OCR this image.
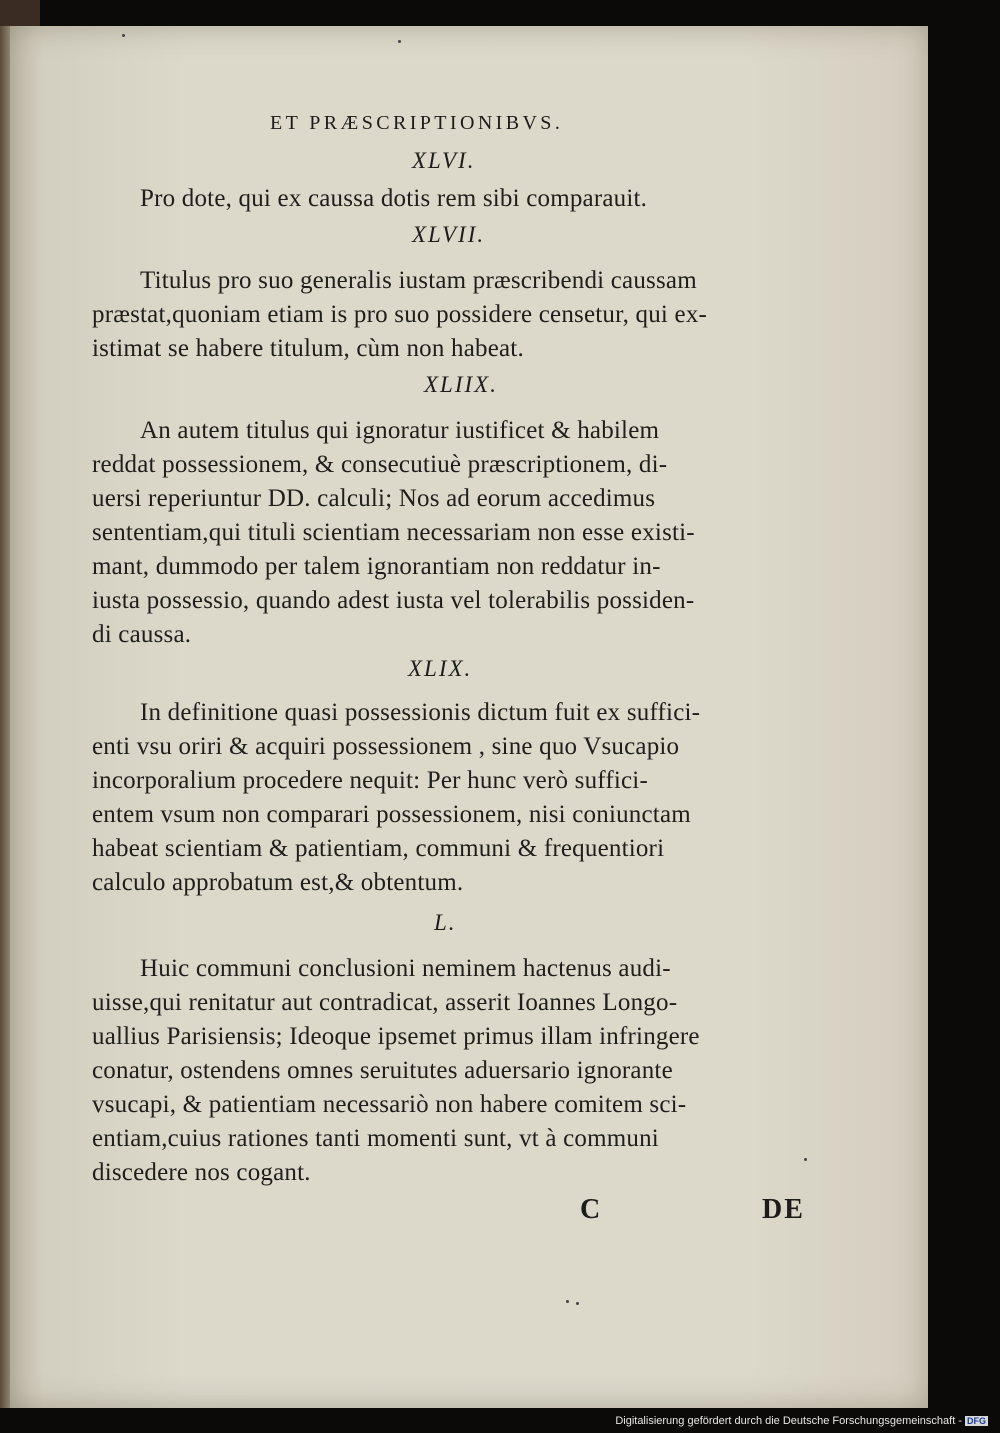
ET PRÆSCRIPTIONIBVS.
XLVI.
Pro dote, qui ex caussa dotis rem sibi comparauit.
XLVII.
Titulus pro suo generalis iustam præscribendi caussam
præstat,quoniam etiam is pro suo possidere censetur, qui ex-
istimat se habere titulum, cùm non habeat.
XLIIX.
An autem titulus qui ignoratur iustificet & habilem
reddat possessionem, & consecutiuè præscriptionem, di-
uersi reperiuntur DD. calculi; Nos ad eorum accedimus
sententiam,qui tituli scientiam necessariam non esse existi-
mant, dummodo per talem ignorantiam non reddatur in-
iusta possessio, quando adest iusta vel tolerabilis possiden-
di caussa.
XLIX.
In definitione quasi possessionis dictum fuit ex suffici-
enti vsu oriri & acquiri possessionem , sine quo Vsucapio
incorporalium procedere nequit: Per hunc verò suffici-
entem vsum non comparari possessionem, nisi coniunctam
habeat scientiam & patientiam, communi & frequentiori
calculo approbatum est,& obtentum.
L.
Huic communi conclusioni neminem hactenus audi-
uisse,qui renitatur aut contradicat, asserit Ioannes Longo-
uallius Parisiensis; Ideoque ipsemet primus illam infringere
conatur, ostendens omnes seruitutes aduersario ignorante
vsucapi, & patientiam necessariò non habere comitem sci-
entiam,cuius rationes tanti momenti sunt, vt à communi
discedere nos cogant.
C	DE
Digitalisierung gefördert durch die Deutsche Forschungsgemeinschaft - DFG
